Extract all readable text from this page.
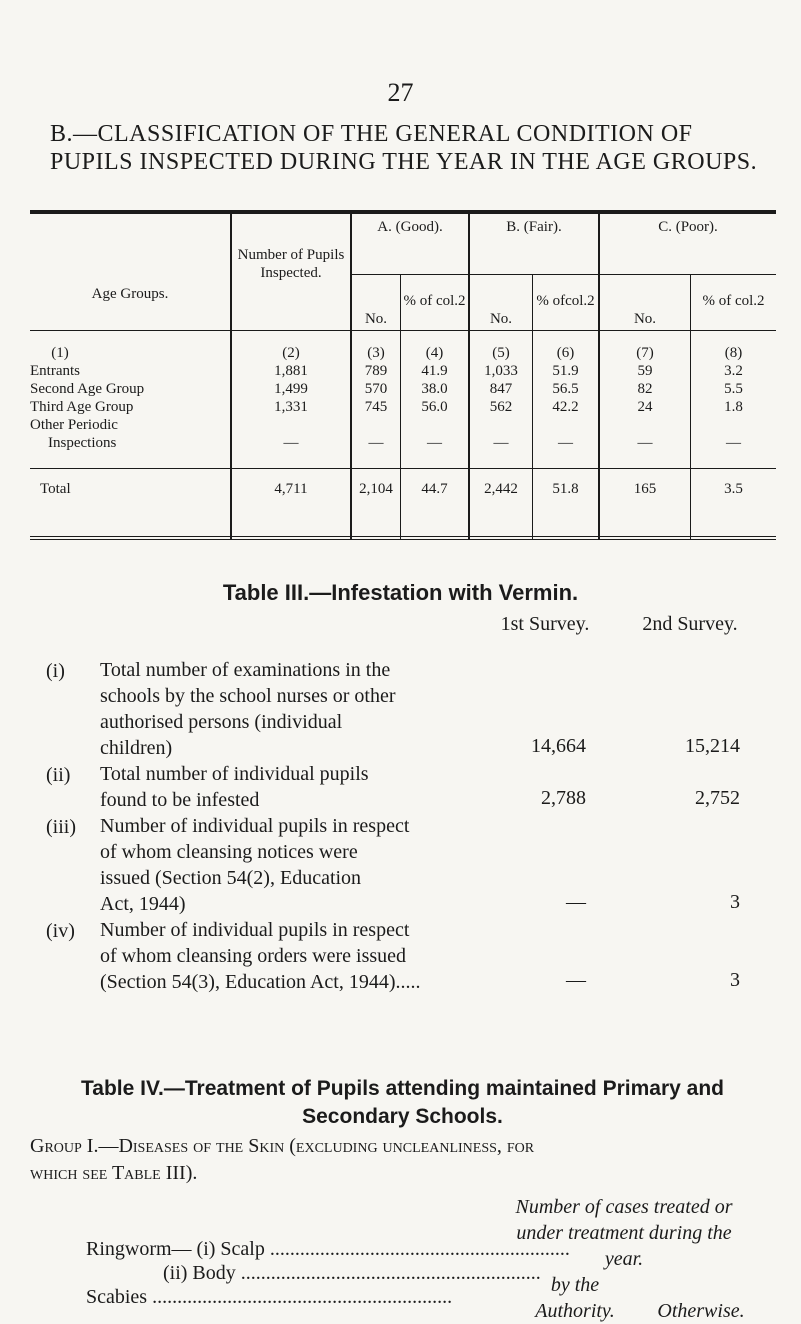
27
B.—CLASSIFICATION OF THE GENERAL CONDITION OF PUPILS INSPECTED DURING THE YEAR IN THE AGE GROUPS.
Age Groups.
Number of Pupils Inspected.
A. (Good).	B. (Fair).	C. (Poor).
No.
% of col.2
No.
% ofcol.2
No.
% of col.2
(1)	(2)	(3)	(4)	(5)	(6)	(7)	(8)
Entrants	1,881	789	41.9	1,033	51.9	59	3.2
Second Age Group	1,499	570	38.0	847	56.5	82	5.5
Third Age Group	1,331	745	56.0	562	42.2	24	1.8
Other Periodic
Inspections	—	—	—	—	—	—	—
Total	4,711	2,104	44.7	2,442	51.8	165	3.5
Table III.—Infestation with Vermin.
1st Survey.	2nd Survey.
(i) Total number of examinations in the
schools by the school nurses or other
authorised persons (individual
children)	14,664	15,214
(ii) Total number of individual pupils
found to be infested	2,788	2,752
(iii) Number of individual pupils in respect
of whom cleansing notices were
issued (Section 54(2), Education
Act, 1944)	—	3
(iv) Number of individual pupils in respect
of whom cleansing orders were issued
(Section 54(3), Education Act, 1944).....	—	3
Table IV.—Treatment of Pupils attending maintained Primary and
Secondary Schools.
Group I.—Diseases of the Skin (excluding uncleanliness, for
which see Table III).
Number of cases treated or
under treatment during the
year.
by the
Authority.	Otherwise.
Ringworm— (i) Scalp ............................................................
(ii) Body ............................................................
Scabies ............................................................
